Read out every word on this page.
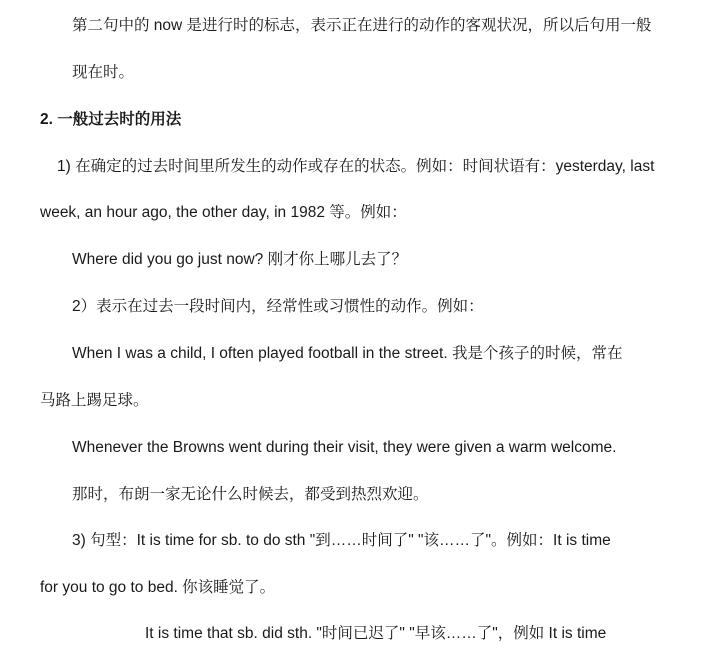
第二句中的 now 是进行时的标志，表示正在进行的动作的客观状况，所以后句用一般
现在时。
2. 一般过去时的用法
1) 在确定的过去时间里所发生的动作或存在的状态。例如：时间状语有：yesterday, last
week, an hour ago, the other day, in 1982 等。例如：
Where did you go just now? 刚才你上哪儿去了？
2）表示在过去一段时间内，经常性或习惯性的动作。例如：
When I was a child, I often played football in the street. 我是个孩子的时候，常在
马路上踢足球。
Whenever the Browns went during their visit, they were given a warm welcome.
那时，布朗一家无论什么时候去，都受到热烈欢迎。
3) 句型：It is time for sb. to do sth "到……时间了" "该……了"。例如：It is time
for you to go to bed. 你该睡觉了。
It is time that sb. did sth. "时间已迟了" "早该……了"，例如 It is time
